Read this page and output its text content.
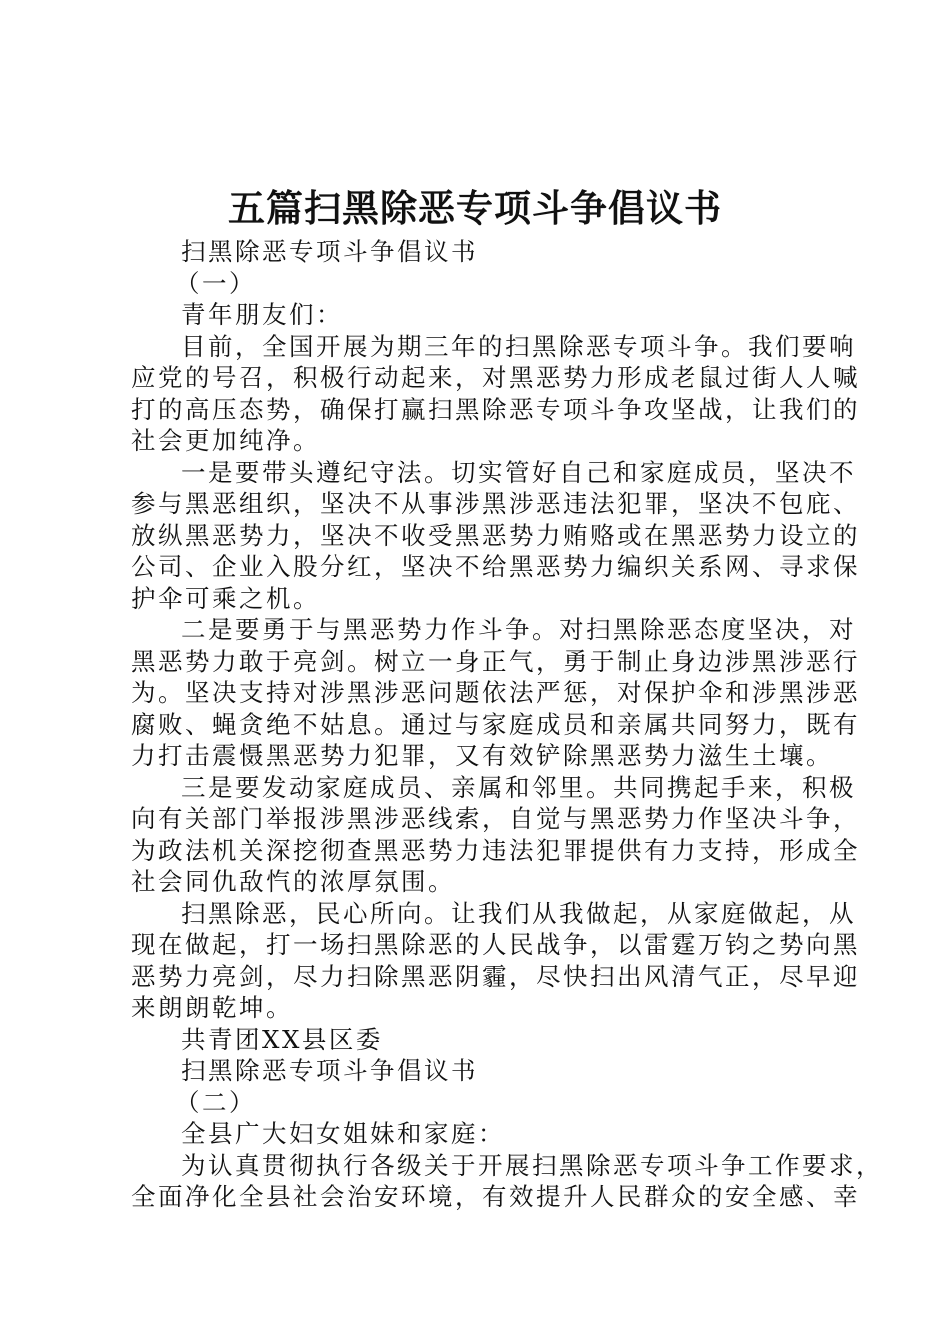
五篇扫黑除恶专项斗争倡议书
扫黑除恶专项斗争倡议书
（一）
青年朋友们：
目前，全国开展为期三年的扫黑除恶专项斗争。我们要响
应党的号召，积极行动起来，对黑恶势力形成老鼠过街人人喊
打的高压态势，确保打赢扫黑除恶专项斗争攻坚战，让我们的
社会更加纯净。
一是要带头遵纪守法。切实管好自己和家庭成员，坚决不
参与黑恶组织，坚决不从事涉黑涉恶违法犯罪，坚决不包庇、
放纵黑恶势力，坚决不收受黑恶势力贿赂或在黑恶势力设立的
公司、企业入股分红，坚决不给黑恶势力编织关系网、寻求保
护伞可乘之机。
二是要勇于与黑恶势力作斗争。对扫黑除恶态度坚决，对
黑恶势力敢于亮剑。树立一身正气，勇于制止身边涉黑涉恶行
为。坚决支持对涉黑涉恶问题依法严惩，对保护伞和涉黑涉恶
腐败、蝇贪绝不姑息。通过与家庭成员和亲属共同努力，既有
力打击震慑黑恶势力犯罪，又有效铲除黑恶势力滋生土壤。
三是要发动家庭成员、亲属和邻里。共同携起手来，积极
向有关部门举报涉黑涉恶线索，自觉与黑恶势力作坚决斗争，
为政法机关深挖彻查黑恶势力违法犯罪提供有力支持，形成全
社会同仇敌忾的浓厚氛围。
扫黑除恶，民心所向。让我们从我做起，从家庭做起，从
现在做起，打一场扫黑除恶的人民战争，以雷霆万钧之势向黑
恶势力亮剑，尽力扫除黑恶阴霾，尽快扫出风清气正，尽早迎
来朗朗乾坤。
共青团XX县区委
扫黑除恶专项斗争倡议书
（二）
全县广大妇女姐妹和家庭：
为认真贯彻执行各级关于开展扫黑除恶专项斗争工作要求，
全面净化全县社会治安环境，有效提升人民群众的安全感、幸
